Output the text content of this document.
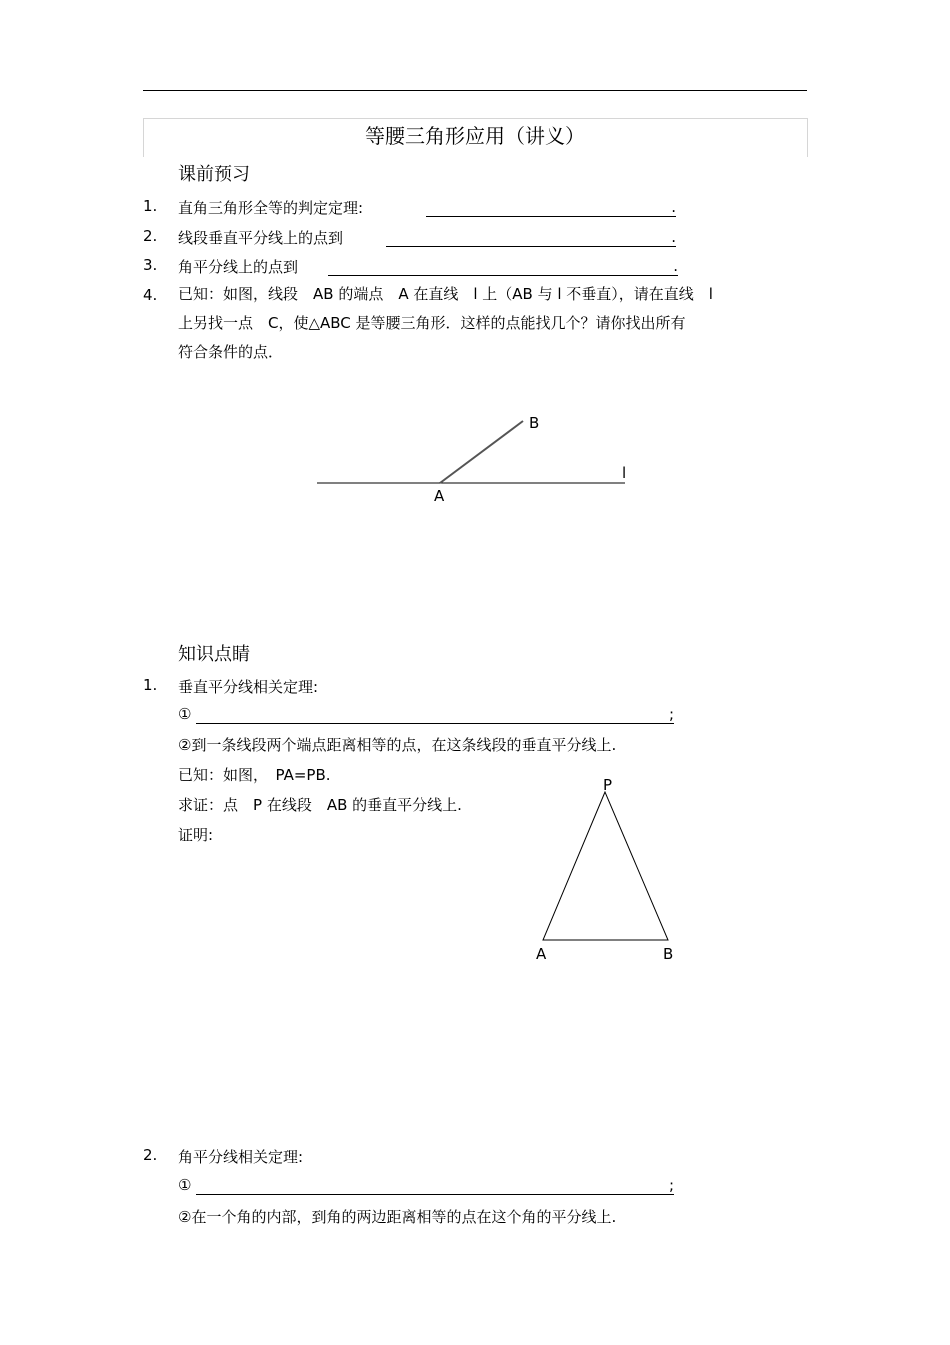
等腰三角形应用（讲义）
课前预习
1.	直角三角形全等的判定定理:	.
2.	线段垂直平分线上的点到	.
3.	角平分线上的点到	.
4.	已知：如图，线段　AB 的端点　A 在直线　l 上（AB 与 l 不垂直），请在直线　l
上另找一点　C，使△ABC 是等腰三角形．这样的点能找几个？请你找出所有
符合条件的点．
B
l
A
知识点睛
1.	垂直平分线相关定理:
①	;
②到一条线段两个端点距离相等的点，在这条线段的垂直平分线上.
已知：如图，　PA=PB.
求证：点　P 在线段　AB 的垂直平分线上.
证明:
P
A	B
2.	角平分线相关定理:
①	;
②在一个角的内部，到角的两边距离相等的点在这个角的平分线上.
